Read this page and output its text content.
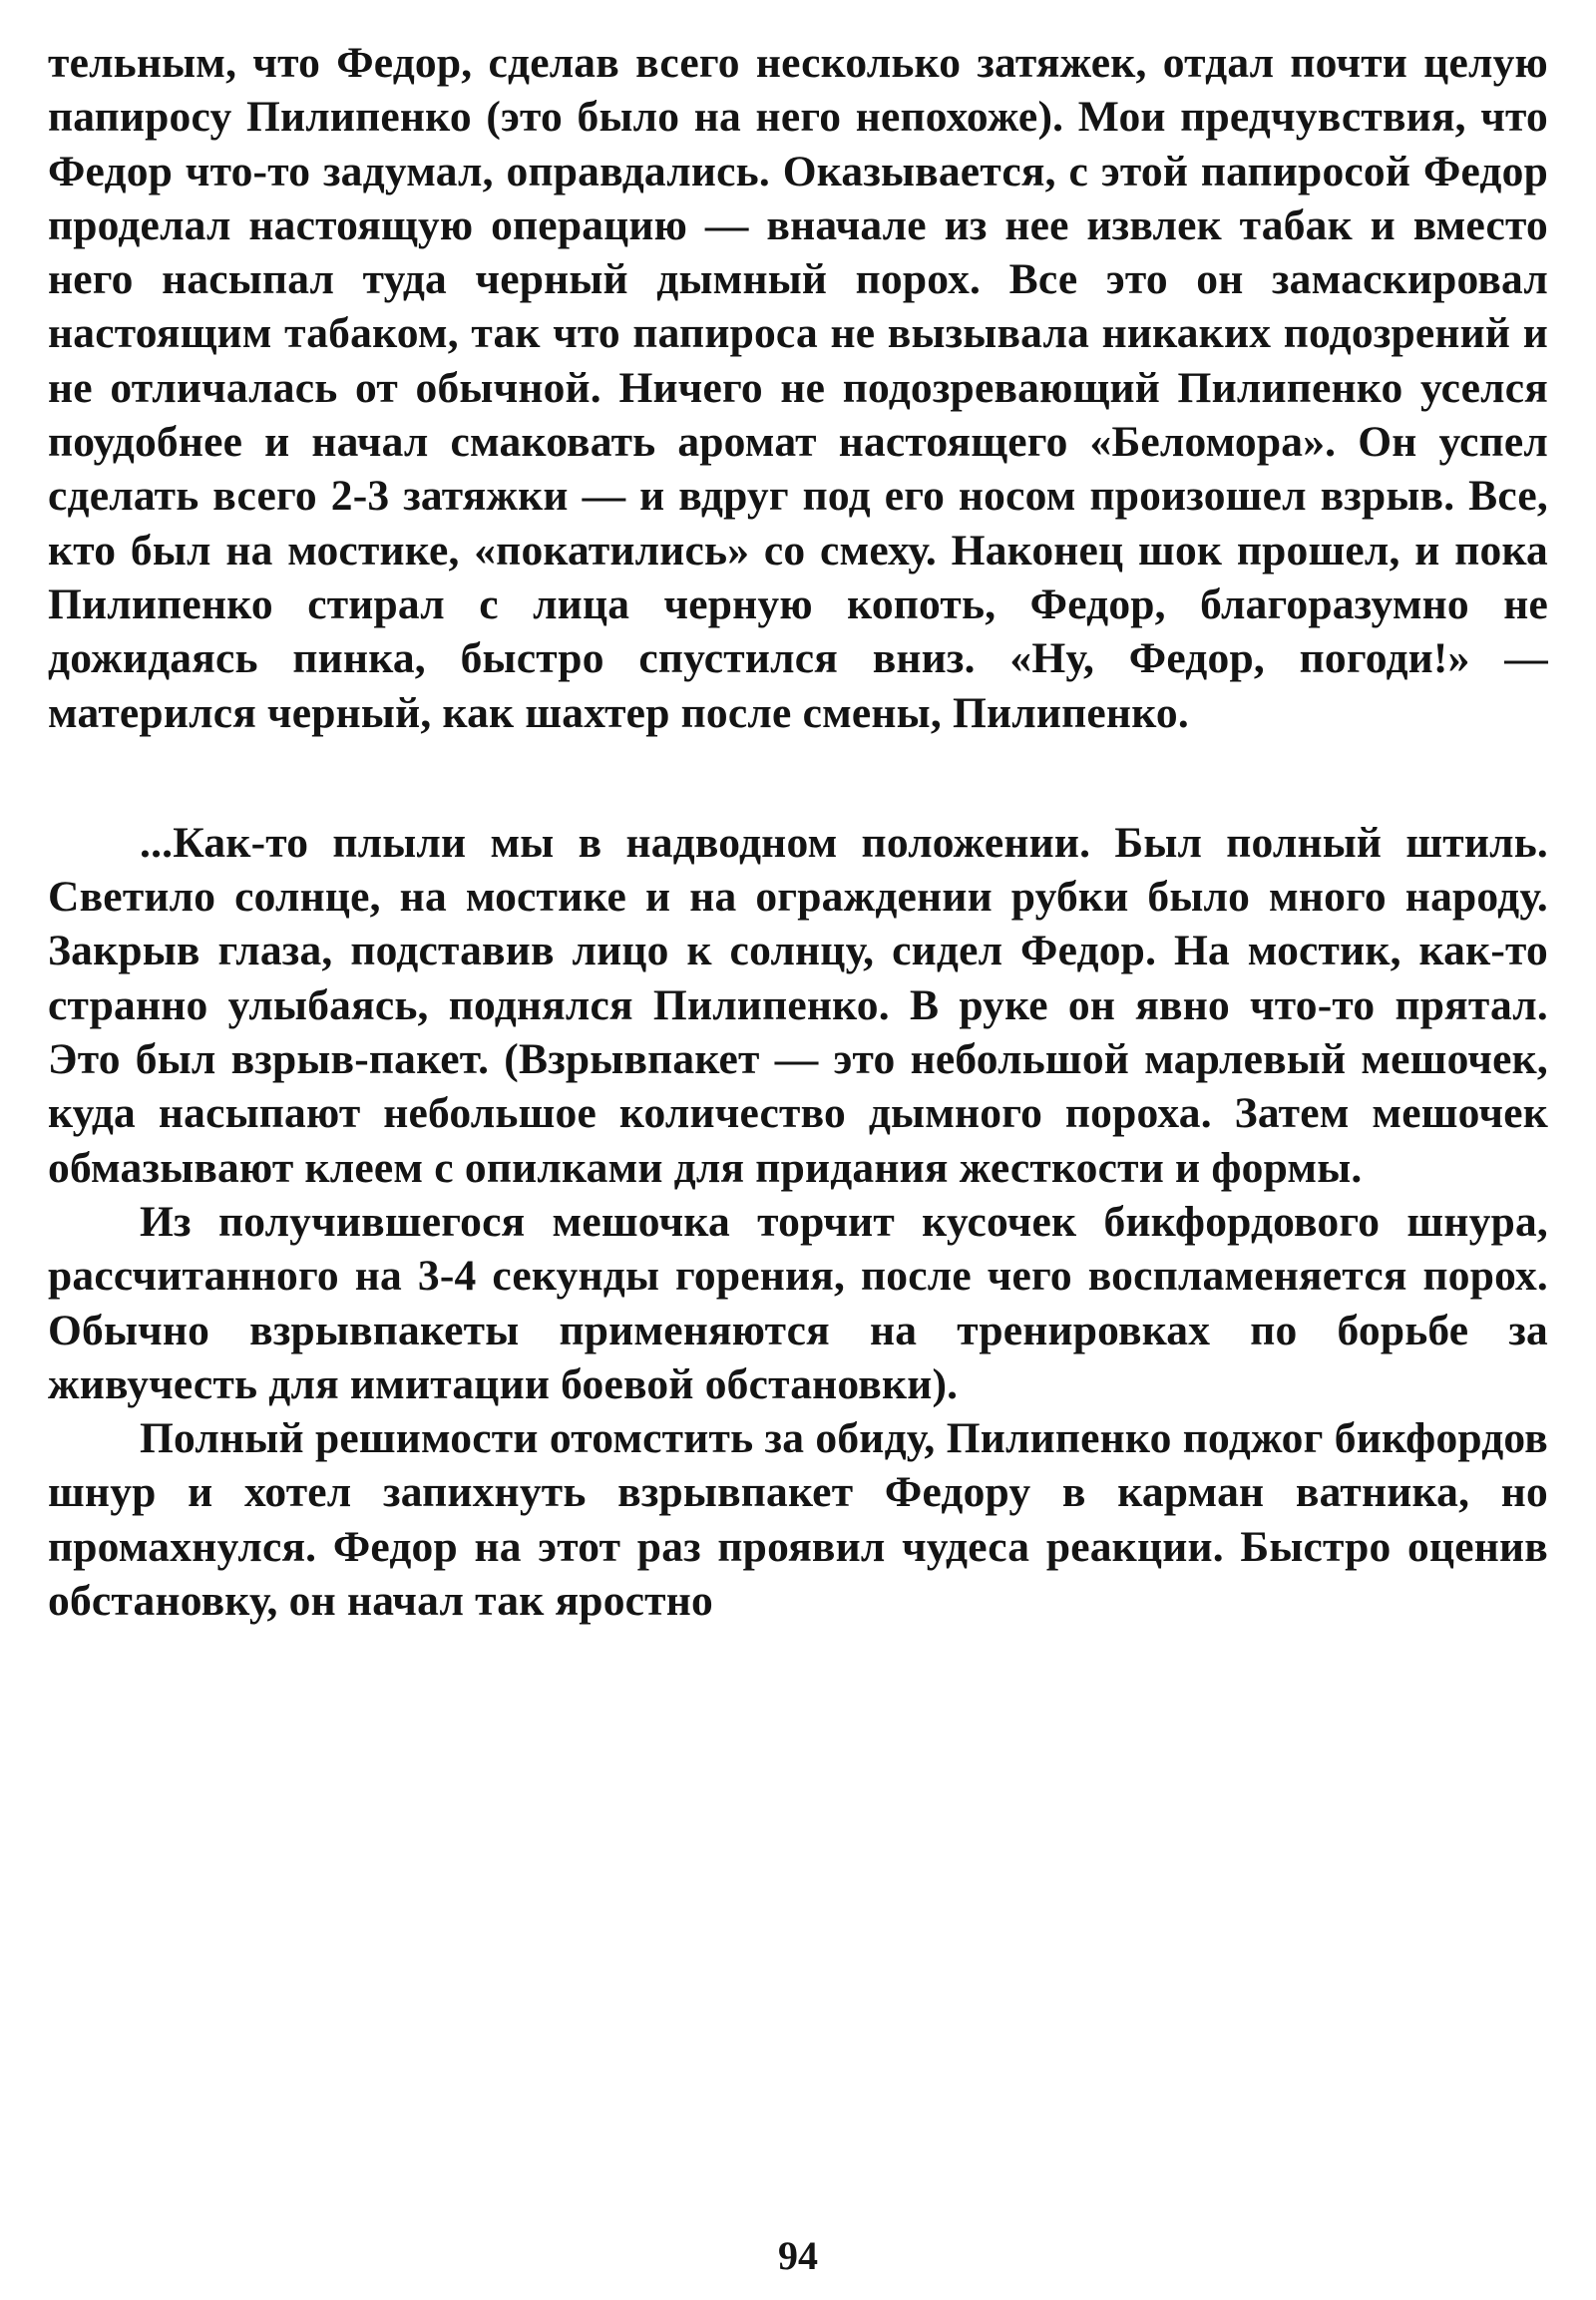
тельным, что Федор, сделав всего несколько затяжек, отдал почти целую папиросу Пилипенко (это было на него непохоже). Мои предчувствия, что Федор что-то задумал, оправдались. Оказывается, с этой папиросой Федор проделал настоящую операцию — вначале из нее извлек табак и вместо него насыпал туда черный дымный порох. Все это он замаскировал настоящим табаком, так что папироса не вызывала никаких подозрений и не отличалась от обычной. Ничего не подозревающий Пилипенко уселся поудобнее и начал смаковать аромат настоящего «Беломора». Он успел сделать всего 2-3 затяжки — и вдруг под его носом произошел взрыв. Все, кто был на мостике, «покатились» со смеху. Наконец шок прошел, и пока Пилипенко стирал с лица черную копоть, Федор, благоразумно не дожидаясь пинка, быстро спустился вниз. «Ну, Федор, погоди!» — матерился черный, как шахтер после смены, Пилипенко.

...Как-то плыли мы в надводном положении. Был полный штиль. Светило солнце, на мостике и на ограждении рубки было много народу. Закрыв глаза, подставив лицо к солнцу, сидел Федор. На мостик, как-то странно улыбаясь, поднялся Пилипенко. В руке он явно что-то прятал. Это был взрыв-пакет. (Взрывпакет — это небольшой марлевый мешочек, куда насыпают небольшое количество дымного пороха. Затем мешочек обмазывают клеем с опилками для придания жесткости и формы.

Из получившегося мешочка торчит кусочек бикфордового шнура, рассчитанного на 3-4 секунды горения, после чего воспламеняется порох. Обычно взрывпакеты применяются на тренировках по борьбе за живучесть для имитации боевой обстановки).

Полный решимости отомстить за обиду, Пилипенко поджог бикфордов шнур и хотел запихнуть взрывпакет Федору в карман ватника, но промахнулся. Федор на этот раз проявил чудеса реакции. Быстро оценив обстановку, он начал так яростно

94
